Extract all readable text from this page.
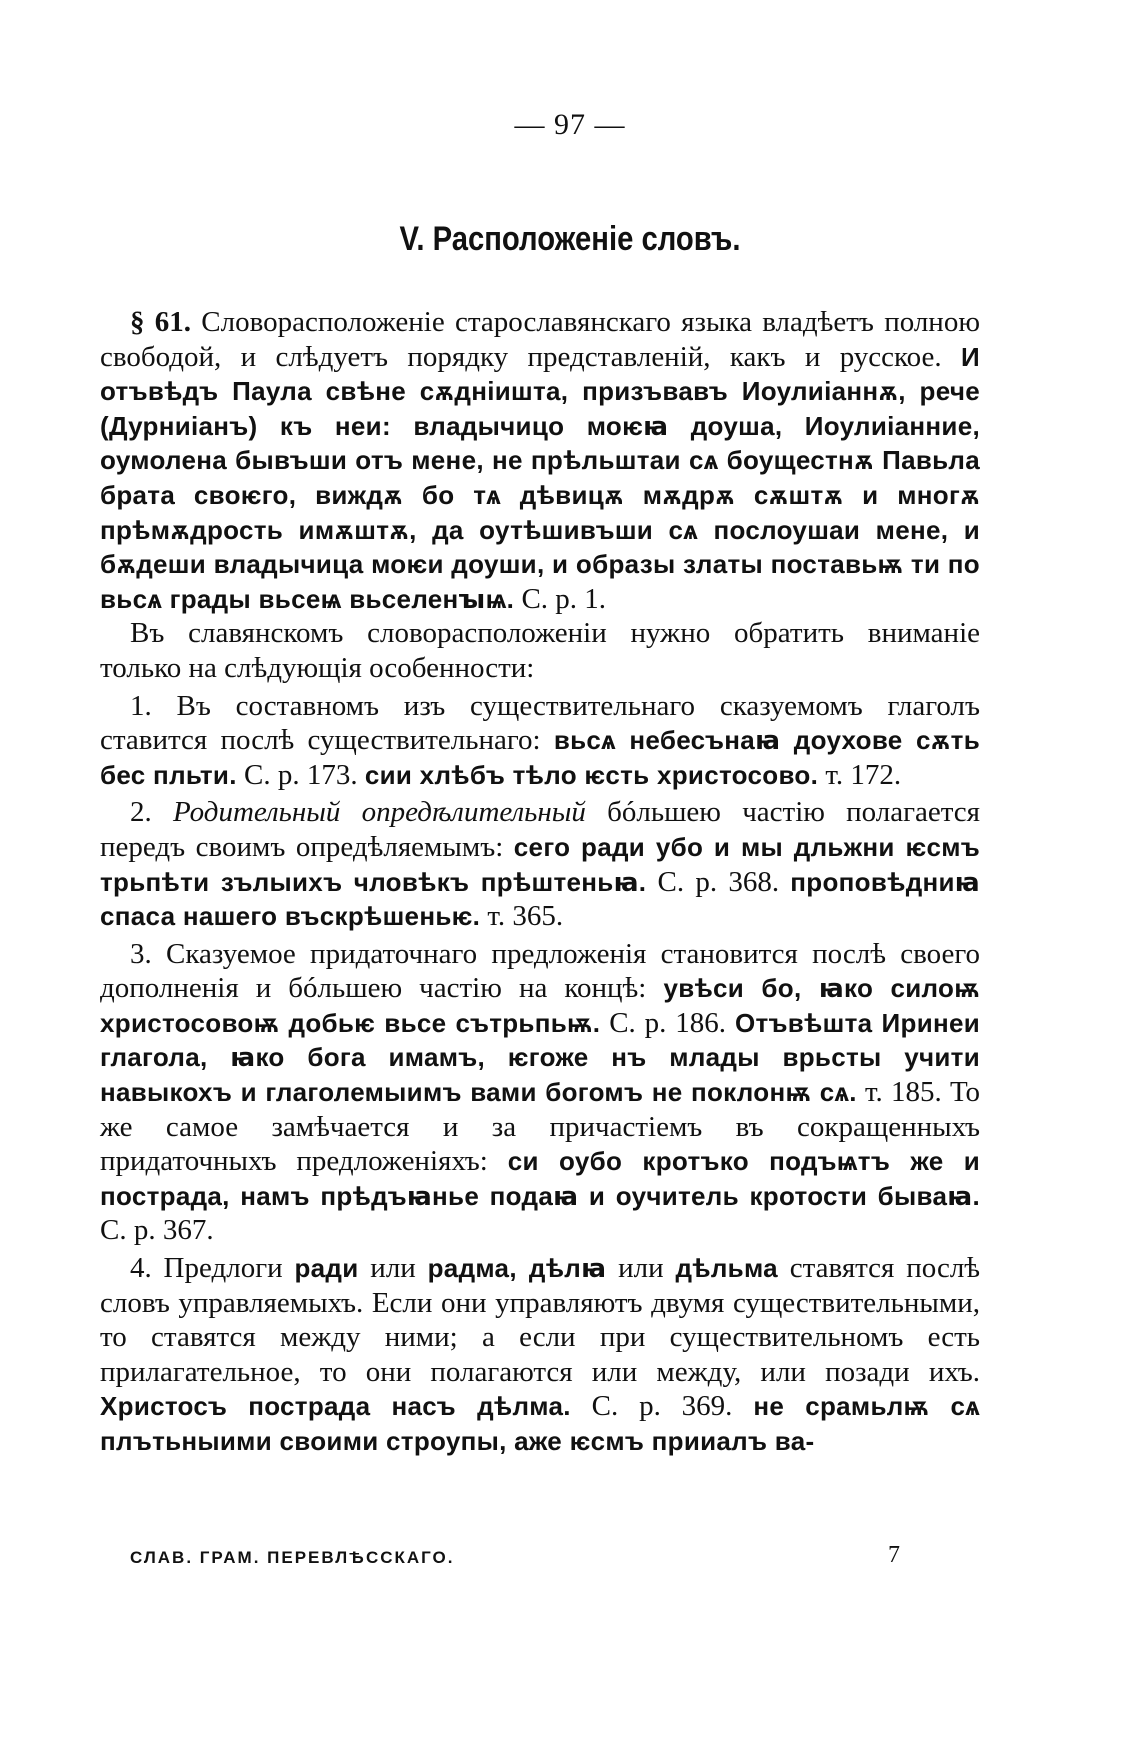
— 97 —
V. Расположеніе словъ.

§ 61. Словорасположеніе старославянскаго языка владѣетъ полною свободой, и слѣдуетъ порядку представленій, какъ и русское. И отъвѣдъ Паула свѣне сѫдніишта, призъвавъ Иоулиіаннѫ, рече (Дурниіанъ) къ неи: владычицо моѥꙗ доуша, Иоулиіанние, оумолена бывъши отъ мене, не прѣльштаи сѧ боущестнѫ Павьла брата своѥго, виждѫ бо тѧ дѣвицѫ мѫдрѫ сѫштѫ и многѫ прѣмѫдрость имѫштѫ, да оутѣшивъши сѧ послоушаи мене, и бѫдеши владычица моѥи доуши, и образы златы поставьѭ ти по вьсѧ грады вьсеѩ вьселенꙑѩ. С. р. 1.

Въ славянскомъ словорасположеніи нужно обратить вниманіе только на слѣдующія особенности:

1. Въ составномъ изъ существительнаго сказуемомъ глаголъ ставится послѣ существительнаго: вьсѧ небесънаꙗ доухове сѫть бес пльти. С. р. 173. сии хлѣбъ тѣло ѥсть христосово. т. 172.

2. Родительный опредѣлительный бóльшею частію полагается передъ своимъ опредѣляемымъ: сего ради убо и мы дльжни ѥсмъ трьпѣти зълыихъ чловѣкъ прѣштеньꙗ. С. р. 368. проповѣдниꙗ спаса нашего въскрѣшеньѥ. т. 365.

3. Сказуемое придаточнаго предложенія становится послѣ своего дополненія и бóльшею частію на концѣ: увѣси бо, ꙗко силоѭ христосовоѭ добьѥ вьсе сътрьпьѭ. С. р. 186. Отъвѣшта Иринеи глагола, ꙗко бога имамъ, ѥгоже нъ млады врьсты учити навыкохъ и глаголемыимъ вами богомъ не поклонѭ сѧ. т. 185. То же самое замѣчается и за причастіемъ въ сокращенныхъ придаточныхъ предложеніяхъ: си оубо кротъко подъѩтъ же и пострада, намъ прѣдъꙗнье подаꙗ и оучитель кротости бываꙗ. С. р. 367.

4. Предлоги ради или радма, дѣлꙗ или дѣльма ставятся послѣ словъ управляемыхъ. Если они управляютъ двумя существительными, то ставятся между ними; а если при существительномъ есть прилагательное, то они полагаются или между, или позади ихъ. Христосъ пострада насъ дѣлма. С. р. 369. не срамьлѭ сѧ плътьныими своими строупы, аже ѥсмъ прииалъ ва-

СЛАВ. ГРАМ. ПЕРЕВЛѢССКАГО.	7
